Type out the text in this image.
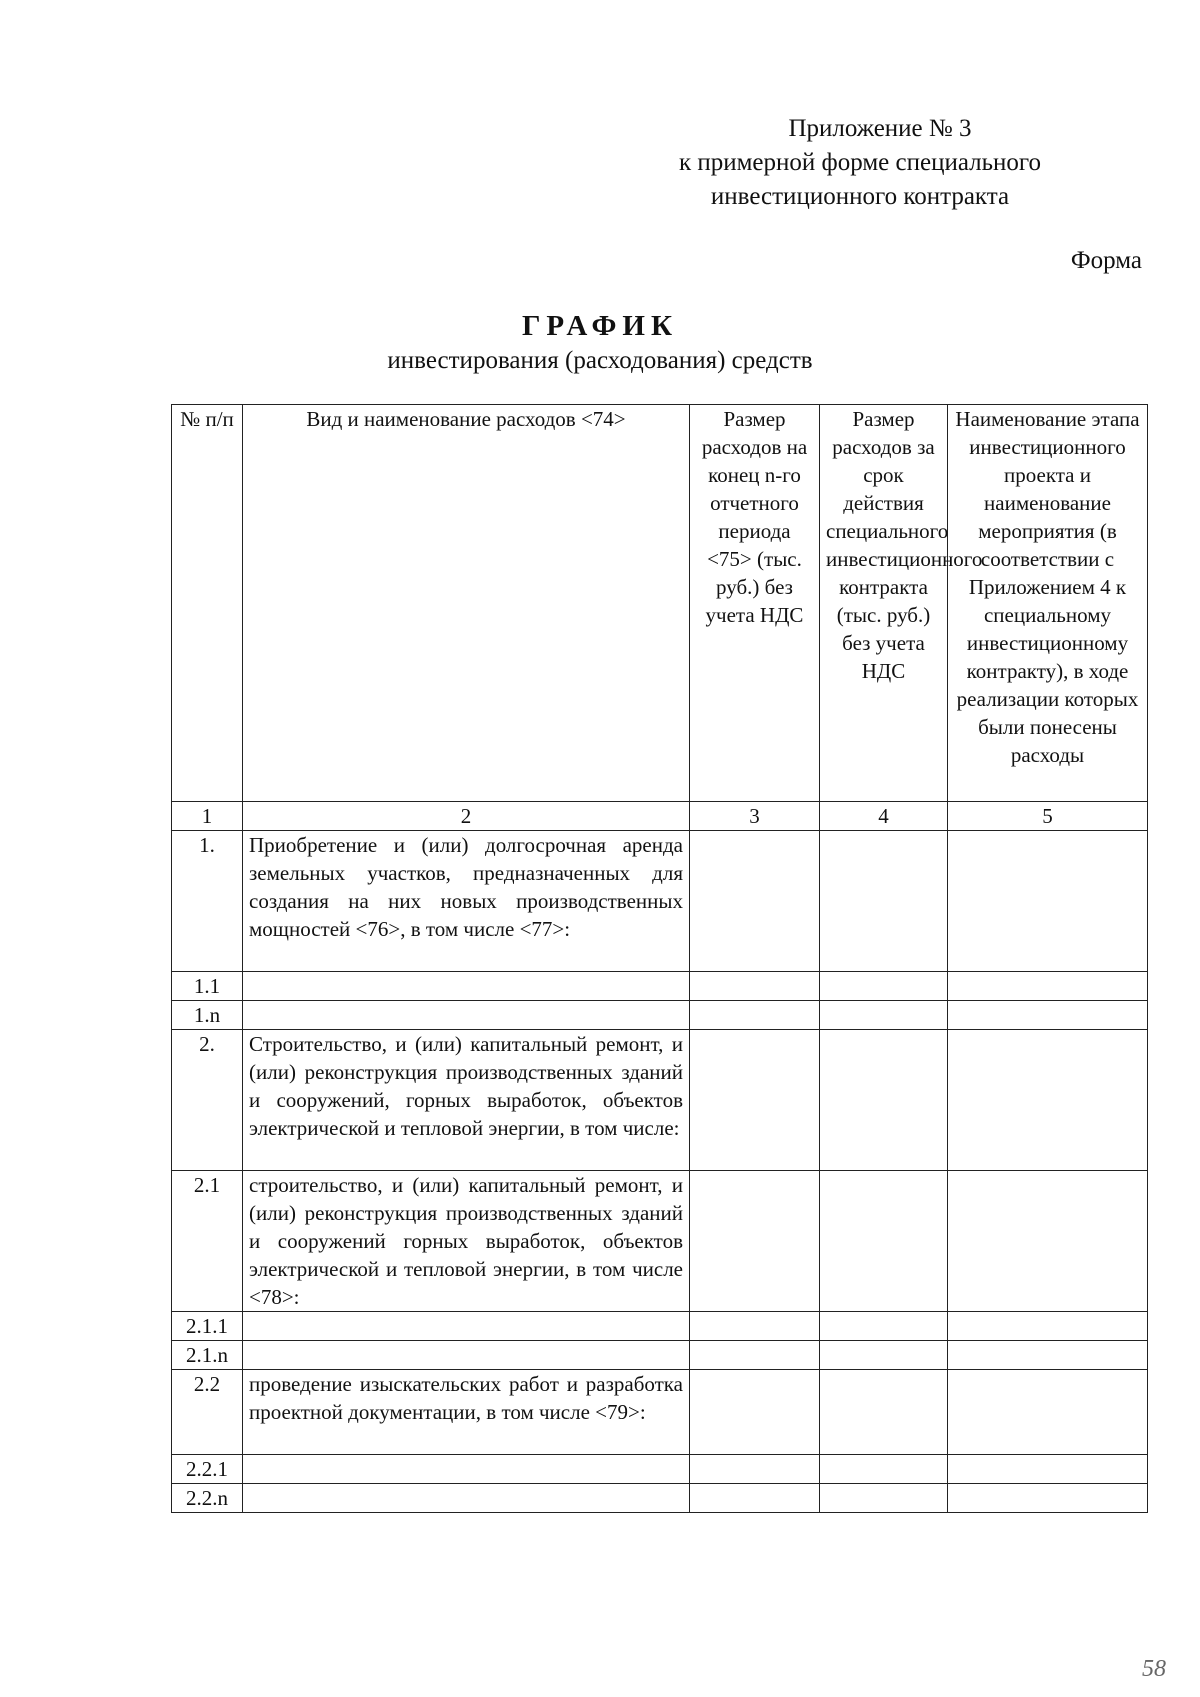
Приложение № 3
к примерной форме специального
инвестиционного контракта
Форма
ГРАФИК
инвестирования (расходования) средств
№ п/п	Вид и наименование расходов <74>	Размер расходов на конец n-го отчетного периода <75> (тыс. руб.) без учета НДС	Размер расходов за срок действия специального инвестиционного контракта (тыс. руб.) без учета НДС	Наименование этапа инвестиционного проекта и наименование мероприятия (в соответствии с Приложением 4 к специальному инвестиционному контракту), в ходе реализации которых были понесены расходы
1	2	3	4	5
1.	Приобретение и (или) долгосрочная аренда земельных участков, предназначенных для создания на них новых производственных мощностей <76>, в том числе <77>:			
1.1				
1.n				
2.	Строительство, и (или) капитальный ремонт, и (или) реконструкция производственных зданий и сооружений, горных выработок, объектов электрической и тепловой энергии, в том числе:			
2.1	строительство, и (или) капитальный ремонт, и (или) реконструкция производственных зданий и сооружений горных выработок, объектов электрической и тепловой энергии, в том числе <78>:			
2.1.1				
2.1.n				
2.2	проведение изыскательских работ и разработка проектной документации, в том числе <79>:			
2.2.1				
2.2.n				
58
